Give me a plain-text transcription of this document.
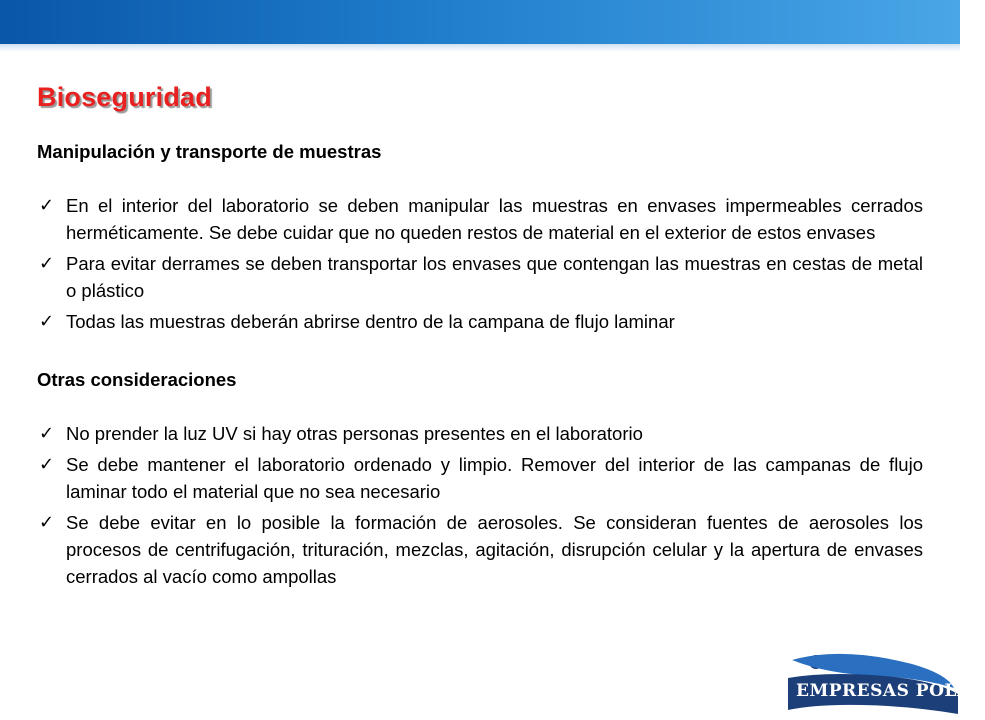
Bioseguridad

Manipulación y transporte de muestras

✓ En el interior del laboratorio se deben manipular las muestras en envases impermeables cerrados herméticamente. Se debe cuidar que no queden restos de material en el exterior de estos envases
✓ Para evitar derrames se deben transportar los envases que contengan las muestras en cestas de metal o plástico
✓ Todas las muestras deberán abrirse dentro de la campana de flujo laminar

Otras consideraciones

✓ No prender la luz UV si hay otras personas presentes en el laboratorio
✓ Se debe mantener el laboratorio ordenado y limpio. Remover del interior de las campanas de flujo laminar todo el material que no sea necesario
✓ Se debe evitar en lo posible la formación de aerosoles. Se consideran fuentes de aerosoles los procesos de centrifugación, trituración, mezclas, agitación, disrupción celular y la apertura de envases cerrados al vacío como ampollas
EMPRESAS POLAR
